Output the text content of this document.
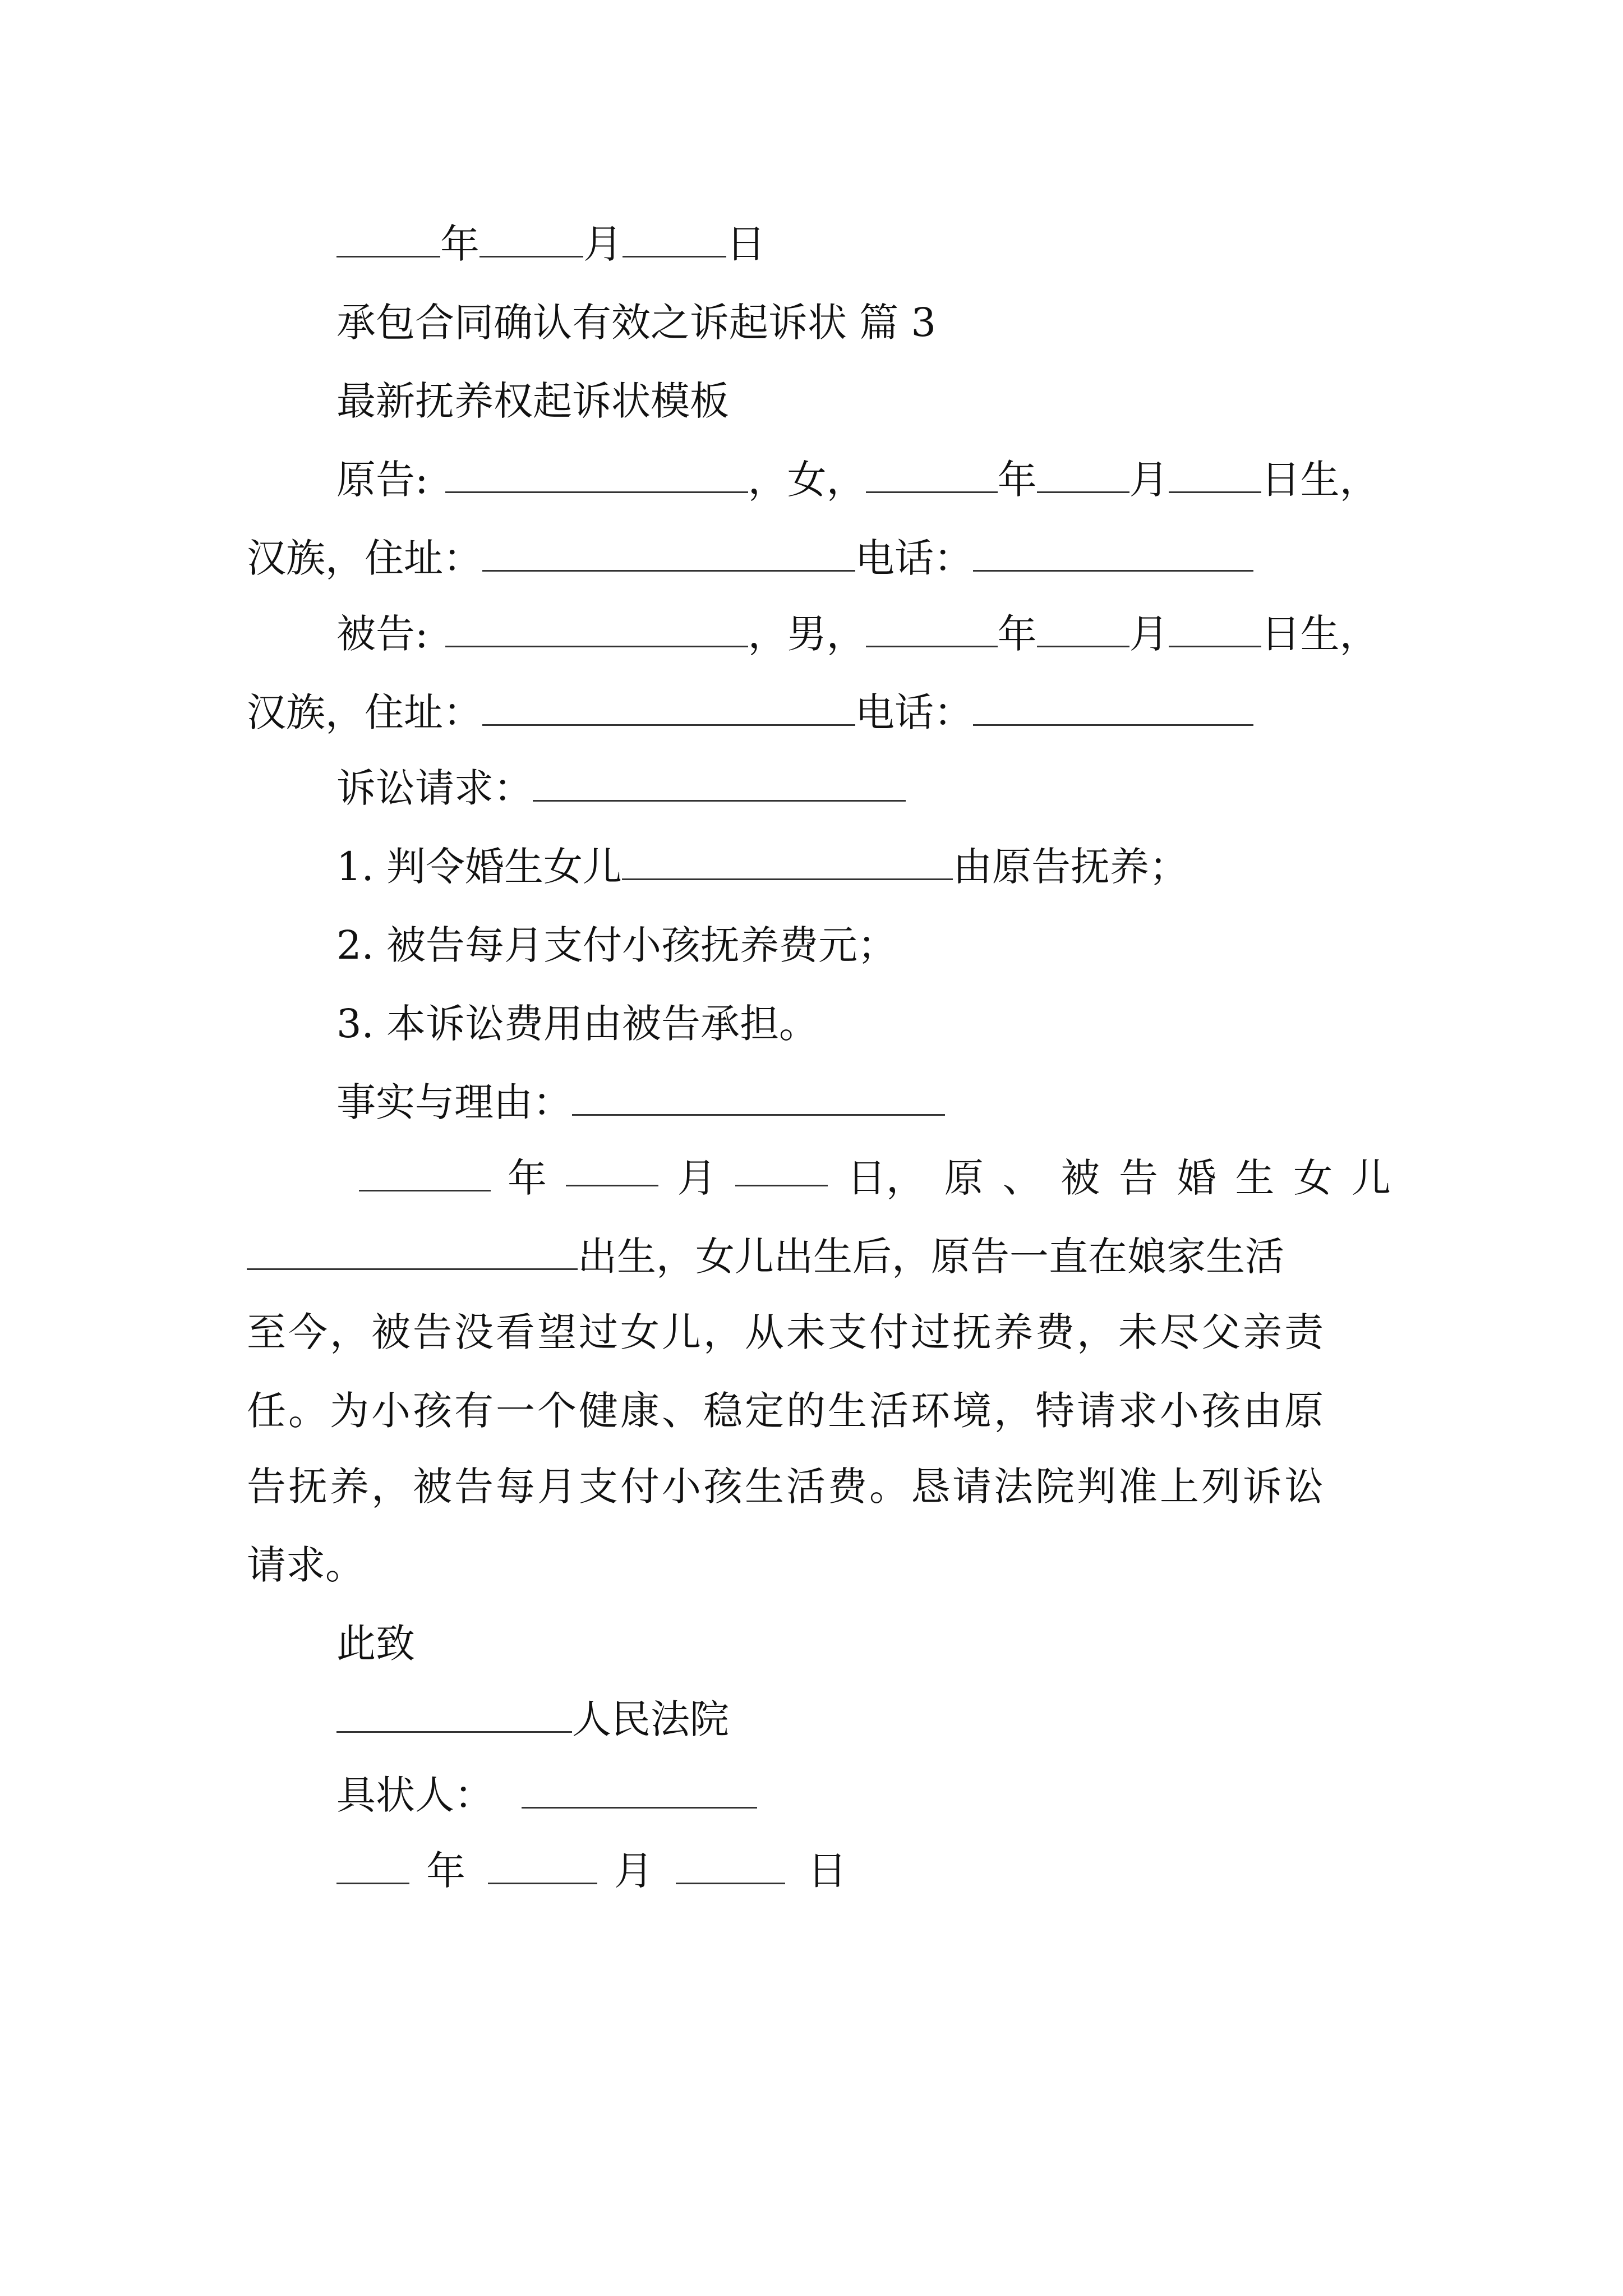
年	月	日
承包合同确认有效之诉起诉状 篇 3
最新抚养权起诉状模板
原告:	，女，	年 月 日生，
汉族，住址：	电话：
被告:	，男，	年 月 日生，
汉族，住址：	电话：
诉讼请求：
1. 判令婚生女儿	由原告抚养；
2. 被告每月支付小孩抚养费元；
3. 本诉讼费用由被告承担。
事实与理由：
年	月	日， 原 、 被 告 婚 生 女 儿
出生，女儿出生后，原告一直在娘家生活
至今，被告没看望过女儿，从未支付过抚养费，未尽父亲责
任。为小孩有一个健康、稳定的生活环境，特请求小孩由原
告抚养，被告每月支付小孩生活费。恳请法院判准上列诉讼
请求。
此致
人民法院
具状人：
年	月	日
